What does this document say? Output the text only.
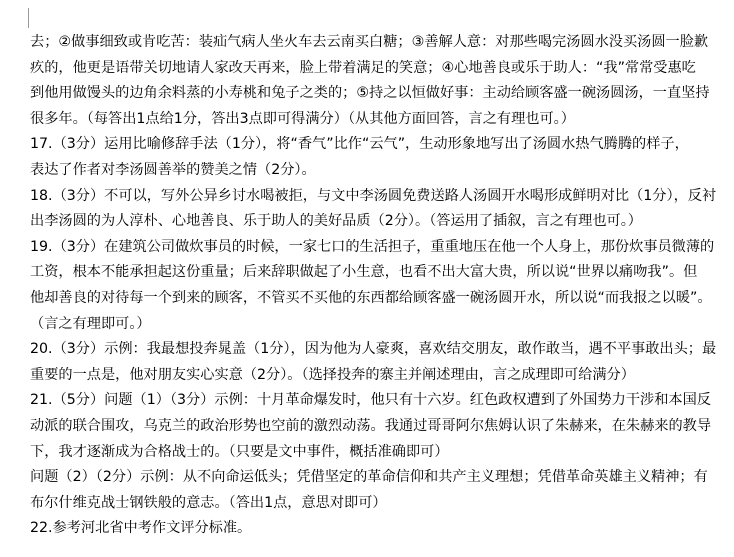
去；②做事细致或肯吃苦：装疝气病人坐火车去云南买白糖；③善解人意：对那些喝完汤圆水没买汤圆一脸歉
疚的，他更是语带关切地请人家改天再来，脸上带着满足的笑意；④心地善良或乐于助人：“我”常常受惠吃
到他用做馒头的边角余料蒸的小寿桃和兔子之类的；⑤持之以恒做好事：主动给顾客盛一碗汤圆汤，一直坚持
很多年。（每答出1点给1分，答出3点即可得满分）（从其他方面回答，言之有理也可。）
17.（3分）运用比喻修辞手法（1分），将“香气”比作“云气”，生动形象地写出了汤圆水热气腾腾的样子，
表达了作者对李汤圆善举的赞美之情（2分）。
18.（3分）不可以，写外公异乡讨水喝被拒，与文中李汤圆免费送路人汤圆开水喝形成鲜明对比（1分），反衬
出李汤圆的为人淳朴、心地善良、乐于助人的美好品质（2分）。（答运用了插叙，言之有理也可。）
19.（3分）在建筑公司做炊事员的时候，一家七口的生活担子，重重地压在他一个人身上，那份炊事员微薄的
工资，根本不能承担起这份重量；后来辞职做起了小生意，也看不出大富大贵，所以说“世界以痛吻我”。但
他却善良的对待每一个到来的顾客，不管买不买他的东西都给顾客盛一碗汤圆开水，所以说“而我报之以暖”。
（言之有理即可。）
20.（3分）示例：我最想投奔晁盖（1分），因为他为人豪爽，喜欢结交朋友，敢作敢当，遇不平事敢出头；最
重要的一点是，他对朋友实心实意（2分）。（选择投奔的寨主并阐述理由，言之成理即可给满分）
21.（5分）问题（1）（3分）示例：十月革命爆发时，他只有十六岁。红色政权遭到了外国势力干涉和本国反
动派的联合围攻，乌克兰的政治形势也空前的激烈动荡。我通过哥哥阿尔焦姆认识了朱赫来，在朱赫来的教导
下，我才逐渐成为合格战士的。（只要是文中事件，概括准确即可）
问题（2）（2分）示例：从不向命运低头；凭借坚定的革命信仰和共产主义理想；凭借革命英雄主义精神；有
布尔什维克战士钢铁般的意志。（答出1点，意思对即可）
22.参考河北省中考作文评分标准。
